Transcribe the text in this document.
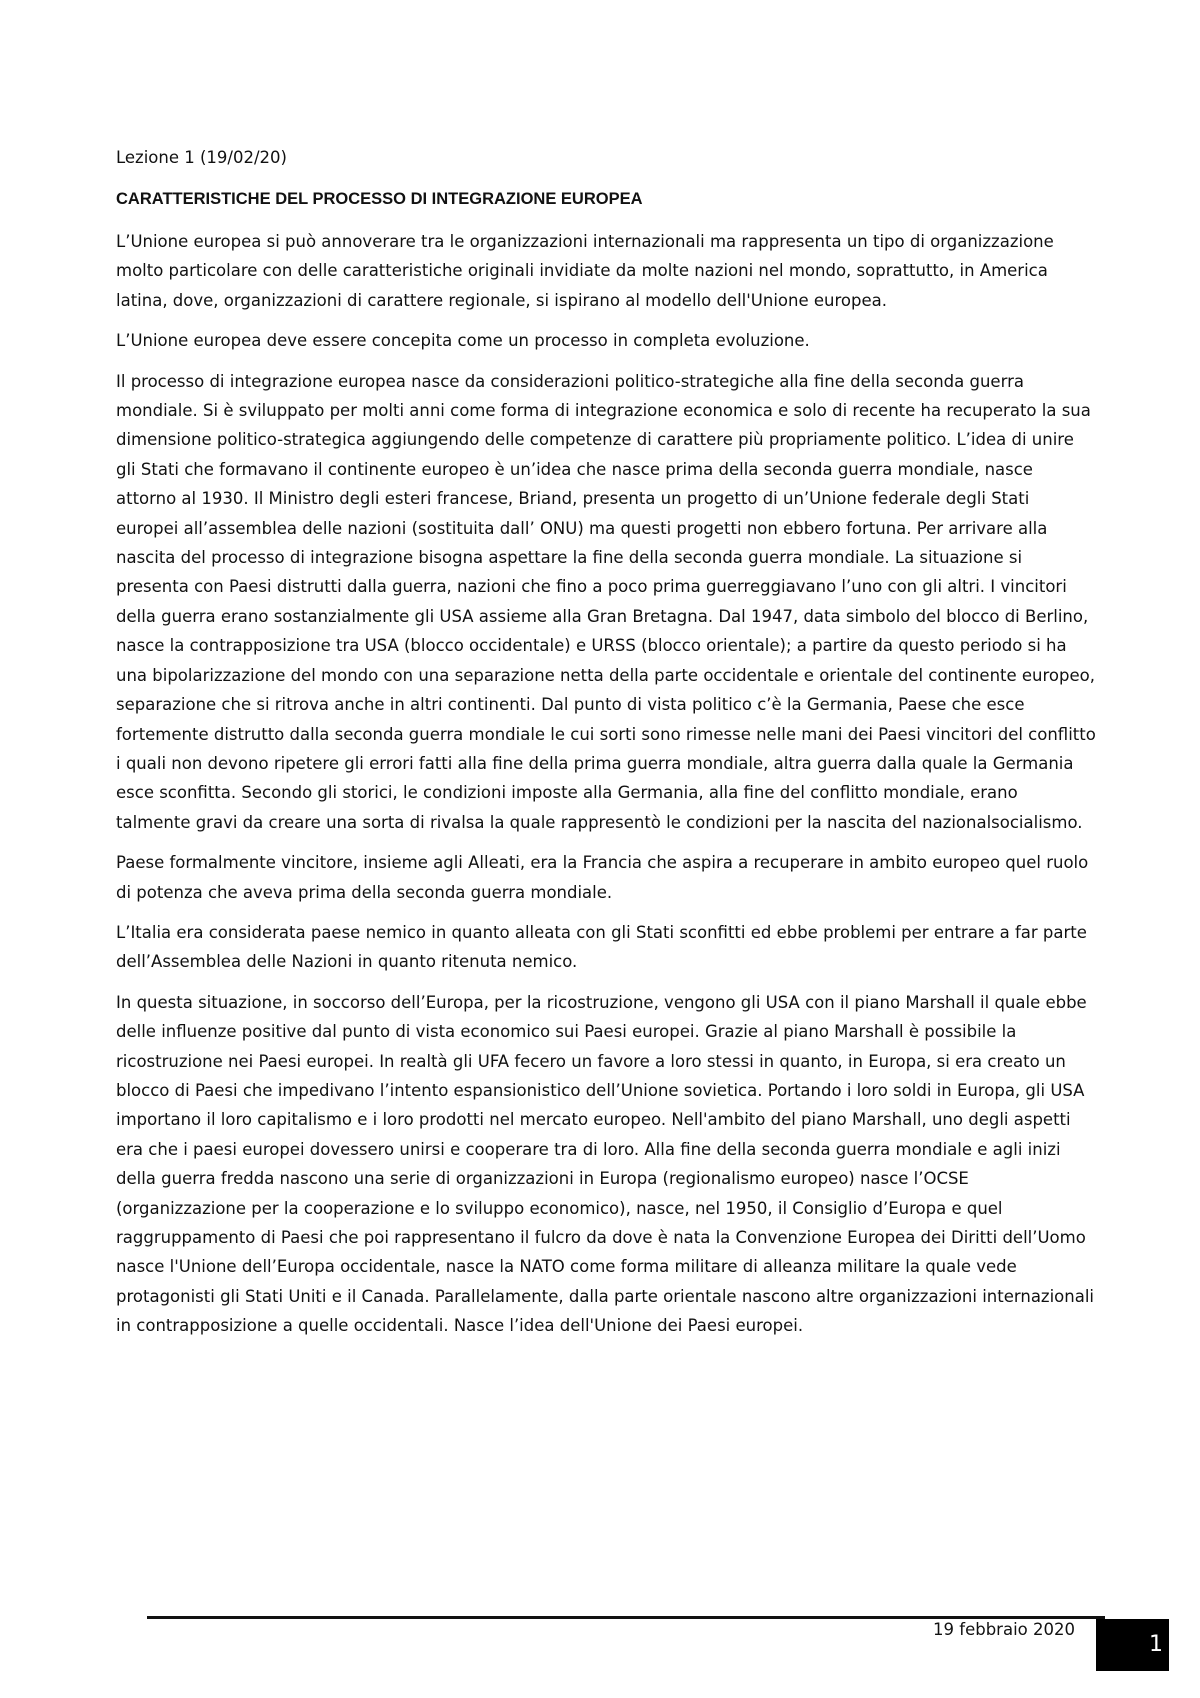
Lezione 1 (19/02/20)

CARATTERISTICHE DEL PROCESSO DI INTEGRAZIONE EUROPEA

L’Unione europea si può annoverare tra le organizzazioni internazionali ma rappresenta un tipo di organizzazione molto particolare con delle caratteristiche originali invidiate da molte nazioni nel mondo, soprattutto, in America latina, dove, organizzazioni di carattere regionale, si ispirano al modello dell'Unione europea.

L’Unione europea deve essere concepita come un processo in completa evoluzione.

Il processo di integrazione europea nasce da considerazioni politico-strategiche alla fine della seconda guerra mondiale. Si è sviluppato per molti anni come forma di integrazione economica e solo di recente ha recuperato la sua dimensione politico-strategica aggiungendo delle competenze di carattere più propriamente politico. L’idea di unire gli Stati che formavano il continente europeo è un’idea che nasce prima della seconda guerra mondiale, nasce attorno al 1930. Il Ministro degli esteri francese, Briand, presenta un progetto di un’Unione federale degli Stati europei all’assemblea delle nazioni (sostituita dall’ ONU) ma questi progetti non ebbero fortuna. Per arrivare alla nascita del processo di integrazione bisogna aspettare la fine della seconda guerra mondiale. La situazione si presenta con Paesi distrutti dalla guerra, nazioni che fino a poco prima guerreggiavano l’uno con gli altri. I vincitori della guerra erano sostanzialmente gli USA assieme alla Gran Bretagna. Dal 1947, data simbolo del blocco di Berlino, nasce la contrapposizione tra USA (blocco occidentale) e URSS (blocco orientale); a partire da questo periodo si ha una bipolarizzazione del mondo con una separazione netta della parte occidentale e orientale del continente europeo, separazione che si ritrova anche in altri continenti. Dal punto di vista politico c’è la Germania, Paese che esce fortemente distrutto dalla seconda guerra mondiale le cui sorti sono rimesse nelle mani dei Paesi vincitori del conflitto i quali non devono ripetere gli errori fatti alla fine della prima guerra mondiale, altra guerra dalla quale la Germania esce sconfitta. Secondo gli storici, le condizioni imposte alla Germania, alla fine del conflitto mondiale, erano talmente gravi da creare una sorta di rivalsa la quale rappresentò le condizioni per la nascita del nazionalsocialismo.

Paese formalmente vincitore, insieme agli Alleati, era la Francia che aspira a recuperare in ambito europeo quel ruolo di potenza che aveva prima della seconda guerra mondiale.

L’Italia era considerata paese nemico in quanto alleata con gli Stati sconfitti ed ebbe problemi per entrare a far parte dell’Assemblea delle Nazioni in quanto ritenuta nemico.

In questa situazione, in soccorso dell’Europa, per la ricostruzione, vengono gli USA con il piano Marshall il quale ebbe delle influenze positive dal punto di vista economico sui Paesi europei. Grazie al piano Marshall è possibile la ricostruzione nei Paesi europei. In realtà gli UFA fecero un favore a loro stessi in quanto, in Europa, si era creato un blocco di Paesi che impedivano l’intento espansionistico dell’Unione sovietica. Portando i loro soldi in Europa, gli USA importano il loro capitalismo e i loro prodotti nel mercato europeo. Nell'ambito del piano Marshall, uno degli aspetti era che i paesi europei dovessero unirsi e cooperare tra di loro. Alla fine della seconda guerra mondiale e agli inizi della guerra fredda nascono una serie di organizzazioni in Europa (regionalismo europeo) nasce l’OCSE (organizzazione per la cooperazione e lo sviluppo economico), nasce, nel 1950, il Consiglio d’Europa e quel raggruppamento di Paesi che poi rappresentano il fulcro da dove è nata la Convenzione Europea dei Diritti dell’Uomo nasce l'Unione dell’Europa occidentale, nasce la NATO come forma militare di alleanza militare la quale vede protagonisti gli Stati Uniti e il Canada. Parallelamente, dalla parte orientale nascono altre organizzazioni internazionali in contrapposizione a quelle occidentali. Nasce l’idea dell'Unione dei Paesi europei.

19 febbraio 2020
1
